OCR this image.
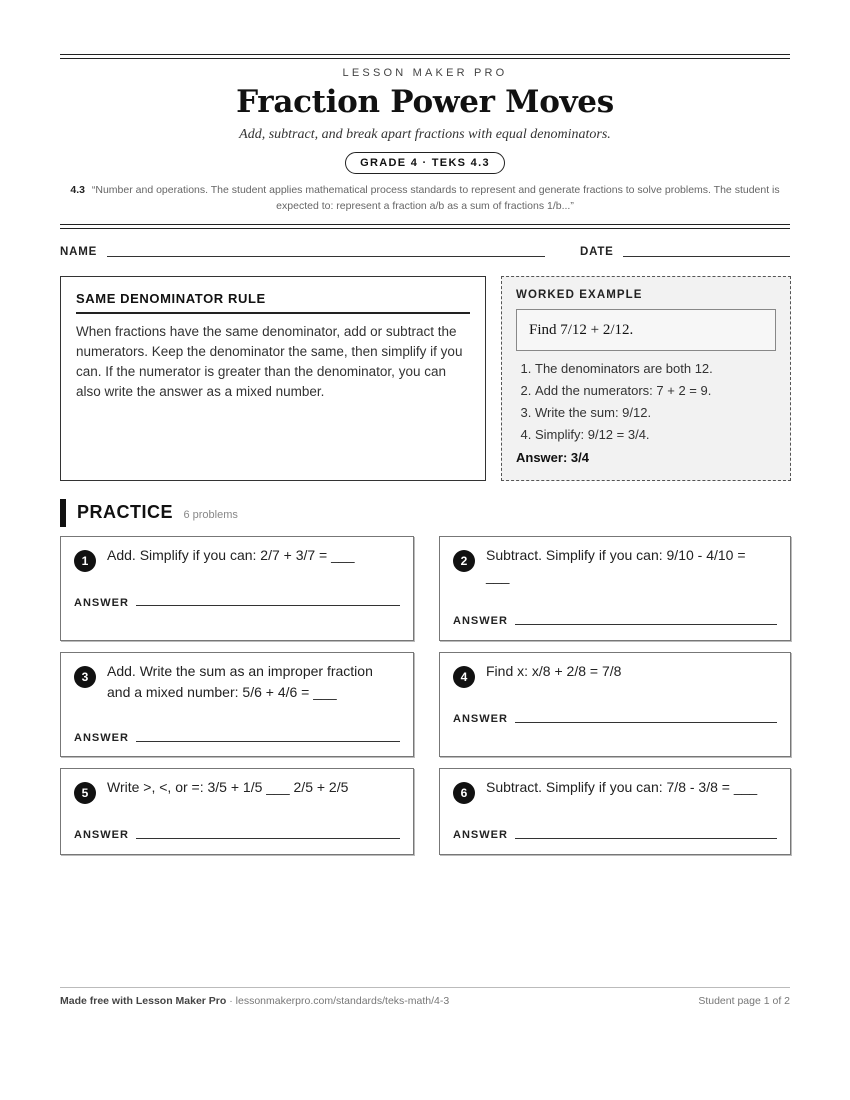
LESSON MAKER PRO
Fraction Power Moves
Add, subtract, and break apart fractions with equal denominators.
GRADE 4 · TEKS 4.3
4.3 “Number and operations. The student applies mathematical process standards to represent and generate fractions to solve problems. The student is expected to: represent a fraction a/b as a sum of fractions 1/b...”
NAME	DATE
SAME DENOMINATOR RULE
When fractions have the same denominator, add or subtract the numerators. Keep the denominator the same, then simplify if you can. If the numerator is greater than the denominator, you can also write the answer as a mixed number.
WORKED EXAMPLE
Find 7/12 + 2/12.
1. The denominators are both 12.
2. Add the numerators: 7 + 2 = 9.
3. Write the sum: 9/12.
4. Simplify: 9/12 = 3/4.
Answer: 3/4
PRACTICE 6 problems
1	Add. Simplify if you can: 2/7 + 3/7 = ___
ANSWER
2	Subtract. Simplify if you can: 9/10 - 4/10 = ___
ANSWER
3	Add. Write the sum as an improper fraction and a mixed number: 5/6 + 4/6 = ___
ANSWER
4	Find x: x/8 + 2/8 = 7/8
ANSWER
5	Write >, <, or =: 3/5 + 1/5 ___ 2/5 + 2/5
ANSWER
6	Subtract. Simplify if you can: 7/8 - 3/8 = ___
ANSWER
Made free with Lesson Maker Pro · lessonmakerpro.com/standards/teks-math/4-3	Student page 1 of 2
